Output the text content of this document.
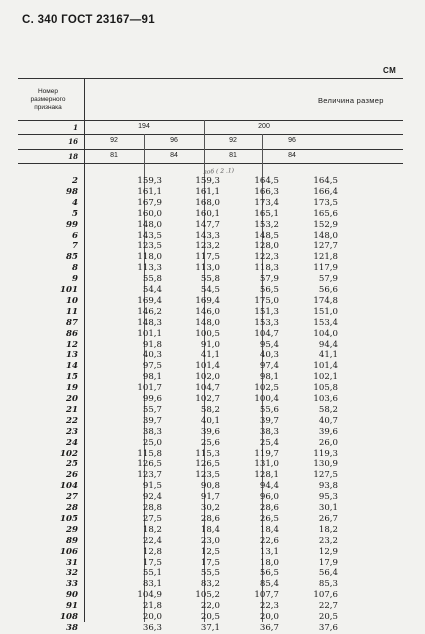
С. 340 ГОСТ 23167—91
СМ
Номер
размерного
признака
Величина размер
1	194	200
16	92	96	92	96
18	81	84	81	84
лоб ( 2 .1)
2	159,3	159,3	164,5	164,5
98	161,1	161,1	166,3	166,4
4	167,9	168,0	173,4	173,5
5	160,0	160,1	165,1	165,6
99	148,0	147,7	153,2	152,9
6	143,5	143,3	148,5	148,0
7	123,5	123,2	128,0	127,7
85	118,0	117,5	122,3	121,8
8	113,3	113,0	118,3	117,9
9	55,8	55,8	57,9	57,9
101	54,4	54,5	56,5	56,6
10	169,4	169,4	175,0	174,8
11	146,2	146,0	151,3	151,0
87	148,3	148,0	153,3	153,4
86	101,1	100,5	104,7	104,0
12	91,8	91,0	95,4	94,4
13	40,3	41,1	40,3	41,1
14	97,5	101,4	97,4	101,4
15	98,1	102,0	98,1	102,1
19	101,7	104,7	102,5	105,8
20	99,6	102,7	100,4	103,6
21	55,7	58,2	55,6	58,2
22	39,7	40,1	39,7	40,7
23	38,3	39,6	38,3	39,6
24	25,0	25,6	25,4	26,0
102	115,8	115,3	119,7	119,3
25	126,5	126,5	131,0	130,9
26	123,7	123,5	128,1	127,5
104	91,5	90,8	94,4	93,8
27	92,4	91,7	96,0	95,3
28	28,8	30,2	28,6	30,1
105	27,5	28,6	26,5	26,7
29	18,2	18,4	18,4	18,2
89	22,4	23,0	22,6	23,2
106	12,8	12,5	13,1	12,9
31	17,5	17,5	18,0	17,9
32	55,1	55,5	56,5	56,4
33	83,1	83,2	85,4	85,3
90	104,9	105,2	107,7	107,6
91	21,8	22,0	22,3	22,7
108	20,0	20,5	20,0	20,5
38	36,3	37,1	36,7	37,6
